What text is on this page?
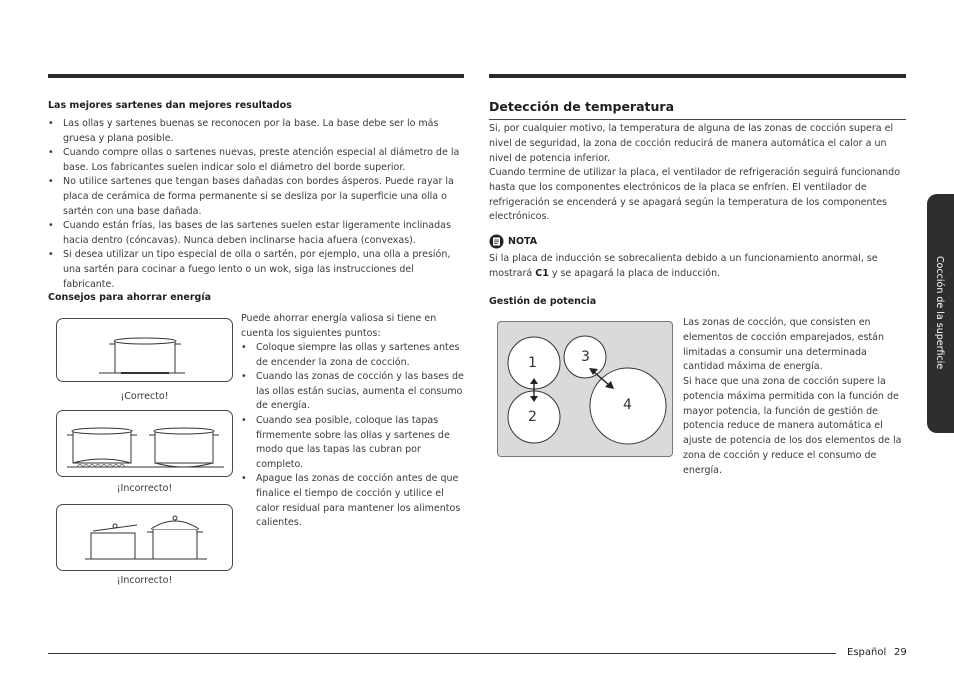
Las mejores sartenes dan mejores resultados
• Las ollas y sartenes buenas se reconocen por la base. La base debe ser lo más gruesa y plana posible.
• Cuando compre ollas o sartenes nuevas, preste atención especial al diámetro de la base. Los fabricantes suelen indicar solo el diámetro del borde superior.
• No utilice sartenes que tengan bases dañadas con bordes ásperos. Puede rayar la placa de cerámica de forma permanente si se desliza por la superficie una olla o sartén con una base dañada.
• Cuando están frías, las bases de las sartenes suelen estar ligeramente inclinadas hacia dentro (cóncavas). Nunca deben inclinarse hacia afuera (convexas).
• Si desea utilizar un tipo especial de olla o sartén, por ejemplo, una olla a presión, una sartén para cocinar a fuego lento o un wok, siga las instrucciones del fabricante.
Consejos para ahorrar energía
¡Correcto!
¡Incorrecto!
¡Incorrecto!
Puede ahorrar energía valiosa si tiene en cuenta los siguientes puntos:
• Coloque siempre las ollas y sartenes antes de encender la zona de cocción.
• Cuando las zonas de cocción y las bases de las ollas están sucias, aumenta el consumo de energía.
• Cuando sea posible, coloque las tapas firmemente sobre las ollas y sartenes de modo que las tapas las cubran por completo.
• Apague las zonas de cocción antes de que finalice el tiempo de cocción y utilice el calor residual para mantener los alimentos calientes.
Detección de temperatura
Si, por cualquier motivo, la temperatura de alguna de las zonas de cocción supera el nivel de seguridad, la zona de cocción reducirá de manera automática el calor a un nivel de potencia inferior.
Cuando termine de utilizar la placa, el ventilador de refrigeración seguirá funcionando hasta que los componentes electrónicos de la placa se enfríen. El ventilador de refrigeración se encenderá y se apagará según la temperatura de los componentes electrónicos.
NOTA
Si la placa de inducción se sobrecalienta debido a un funcionamiento anormal, se mostrará C1 y se apagará la placa de inducción.
Gestión de potencia
1
2
3
4
Las zonas de cocción, que consisten en elementos de cocción emparejados, están limitadas a consumir una determinada cantidad máxima de energía.
Si hace que una zona de cocción supere la potencia máxima permitida con la función de mayor potencia, la función de gestión de potencia reduce de manera automática el ajuste de potencia de los dos elementos de la zona de cocción y reduce el consumo de energía.
Cocción de la superficie
Español 29
